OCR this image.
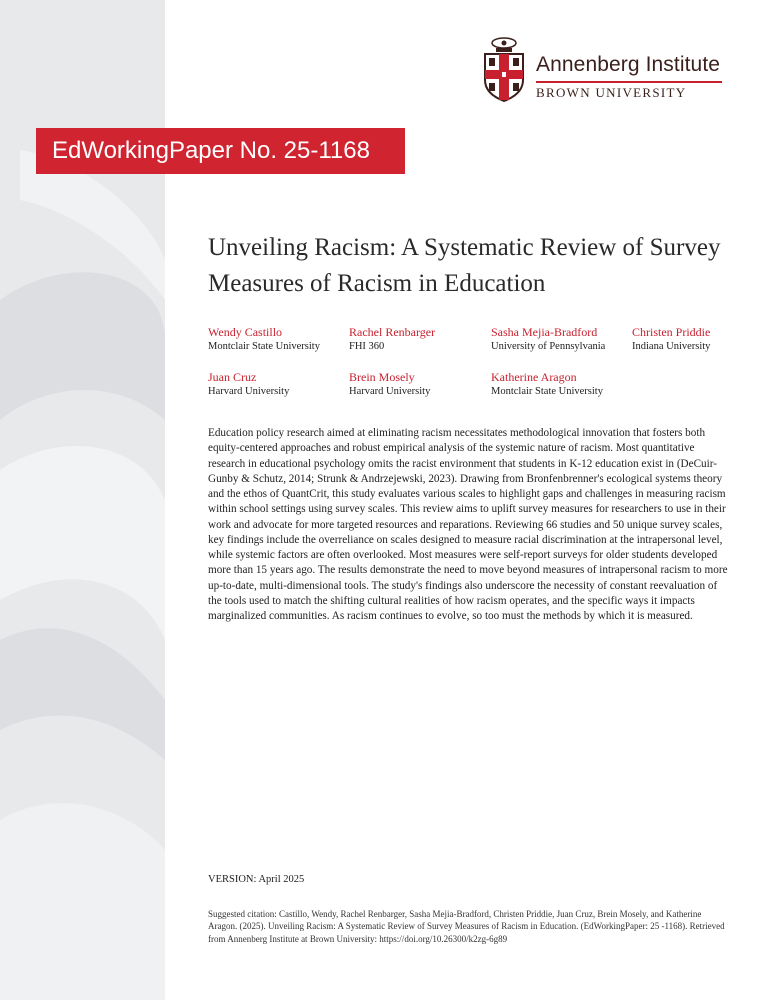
Annenberg Institute
BROWN UNIVERSITY
EdWorkingPaper No. 25-1168
Unveiling Racism: A Systematic Review of Survey Measures of Racism in Education
Wendy Castillo
Montclair State University
Rachel Renbarger
FHI 360
Sasha Mejia-Bradford
University of Pennsylvania
Christen Priddie
Indiana University
Juan Cruz
Harvard University
Brein Mosely
Harvard University
Katherine Aragon
Montclair State University

Education policy research aimed at eliminating racism necessitates methodological innovation that fosters both equity-centered approaches and robust empirical analysis of the systemic nature of racism. Most quantitative research in educational psychology omits the racist environment that students in K-12 education exist in (DeCuir-Gunby & Schutz, 2014; Strunk & Andrzejewski, 2023). Drawing from Bronfenbrenner's ecological systems theory and the ethos of QuantCrit, this study evaluates various scales to highlight gaps and challenges in measuring racism within school settings using survey scales. This review aims to uplift survey measures for researchers to use in their work and advocate for more targeted resources and reparations. Reviewing 66 studies and 50 unique survey scales, key findings include the overreliance on scales designed to measure racial discrimination at the intrapersonal level, while systemic factors are often overlooked. Most measures were self-report surveys for older students developed more than 15 years ago. The results demonstrate the need to move beyond measures of intrapersonal racism to more up-to-date, multi-dimensional tools. The study's findings also underscore the necessity of constant reevaluation of the tools used to match the shifting cultural realities of how racism operates, and the specific ways it impacts marginalized communities. As racism continues to evolve, so too must the methods by which it is measured.

VERSION: April 2025

Suggested citation: Castillo, Wendy, Rachel Renbarger, Sasha Mejia-Bradford, Christen Priddie, Juan Cruz, Brein Mosely, and Katherine Aragon. (2025). Unveiling Racism: A Systematic Review of Survey Measures of Racism in Education. (EdWorkingPaper: 25 -1168). Retrieved from Annenberg Institute at Brown University: https://doi.org/10.26300/k2zg-6g89
